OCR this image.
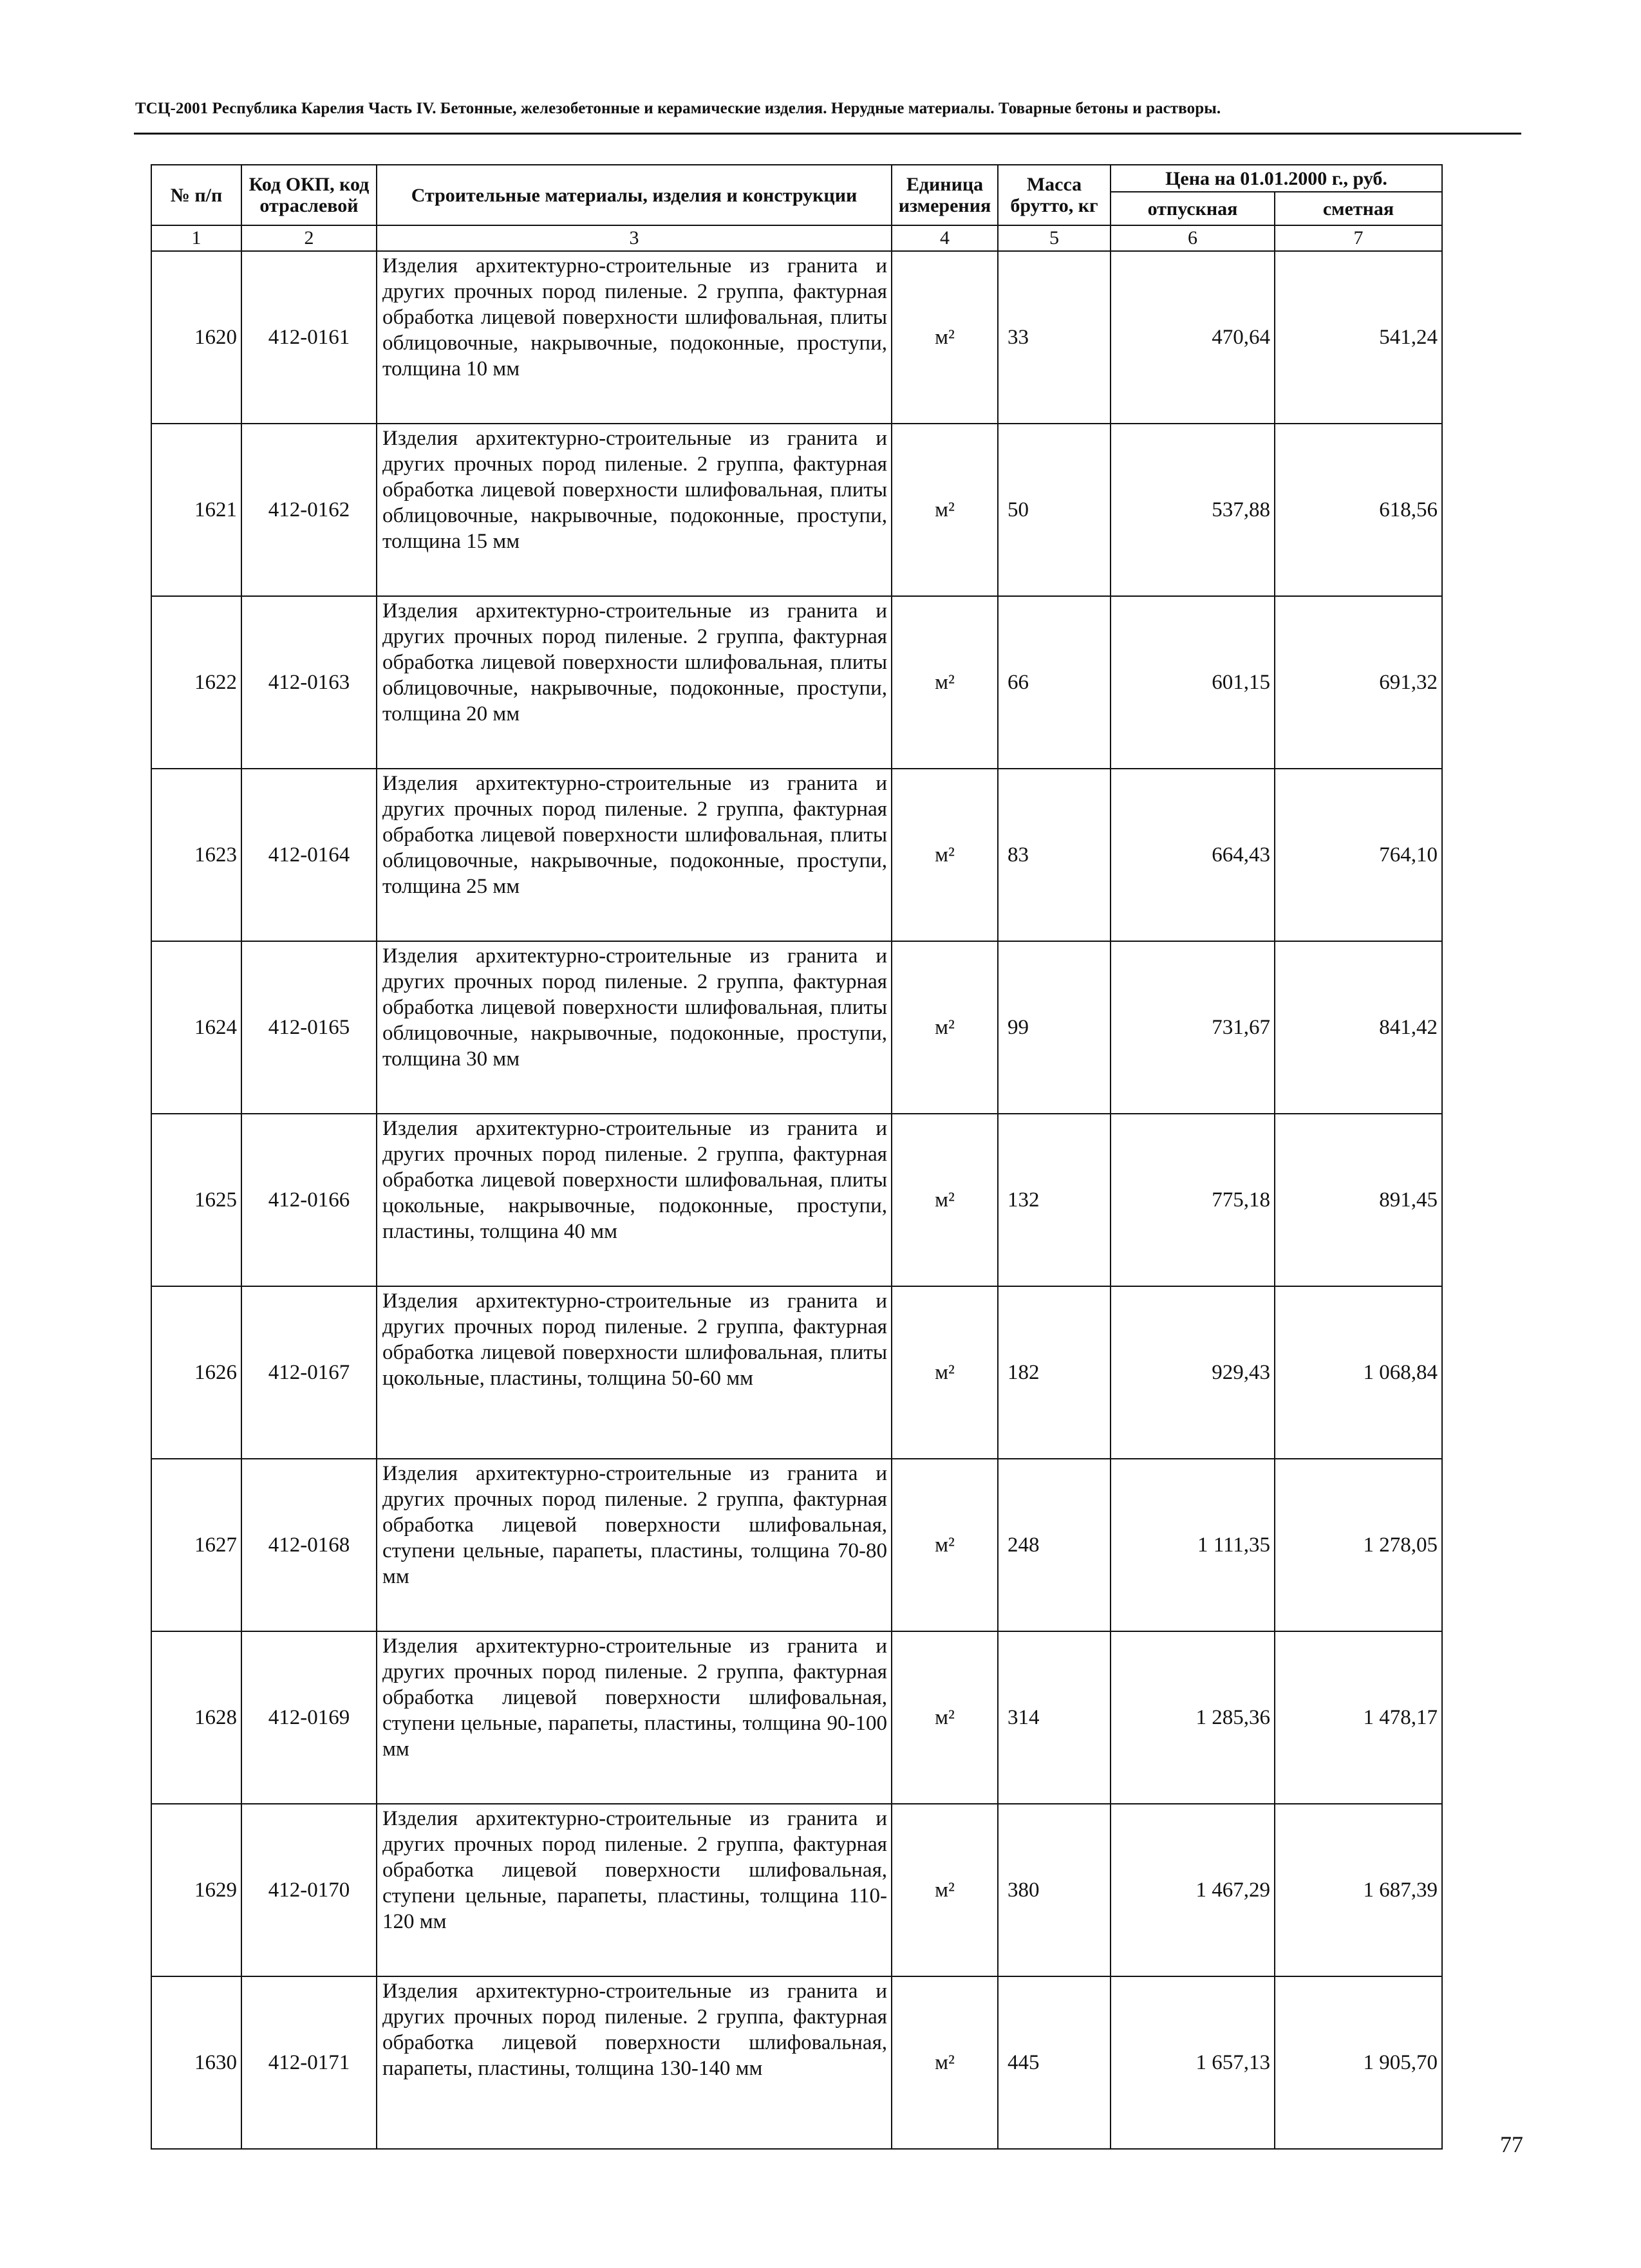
ТСЦ-2001 Республика Карелия Часть IV. Бетонные, железобетонные и керамические изделия. Нерудные материалы. Товарные бетоны и растворы.
№ п/п	Код ОКП, код отраслевой	Строительные материалы, изделия и конструкции	Единица измерения	Масса брутто, кг	Цена на 01.01.2000 г., руб.	
					отпускная	сметная
1	2	3	4	5	6	7
1620	412-0161	Изделия архитектурно-строительные из гранита и других прочных пород пиленые. 2 группа, фактурная обработка лицевой поверхности шлифовальная, плиты облицовочные, накрывочные, подоконные, проступи, толщина 10 мм	м²	33	470,64	541,24
1621	412-0162	Изделия архитектурно-строительные из гранита и других прочных пород пиленые. 2 группа, фактурная обработка лицевой поверхности шлифовальная, плиты облицовочные, накрывочные, подоконные, проступи, толщина 15 мм	м²	50	537,88	618,56
1622	412-0163	Изделия архитектурно-строительные из гранита и других прочных пород пиленые. 2 группа, фактурная обработка лицевой поверхности шлифовальная, плиты облицовочные, накрывочные, подоконные, проступи, толщина 20 мм	м²	66	601,15	691,32
1623	412-0164	Изделия архитектурно-строительные из гранита и других прочных пород пиленые. 2 группа, фактурная обработка лицевой поверхности шлифовальная, плиты облицовочные, накрывочные, подоконные, проступи, толщина 25 мм	м²	83	664,43	764,10
1624	412-0165	Изделия архитектурно-строительные из гранита и других прочных пород пиленые. 2 группа, фактурная обработка лицевой поверхности шлифовальная, плиты облицовочные, накрывочные, подоконные, проступи, толщина 30 мм	м²	99	731,67	841,42
1625	412-0166	Изделия архитектурно-строительные из гранита и других прочных пород пиленые. 2 группа, фактурная обработка лицевой поверхности шлифовальная, плиты цокольные, накрывочные, подоконные, проступи, пластины, толщина 40 мм	м²	132	775,18	891,45
1626	412-0167	Изделия архитектурно-строительные из гранита и других прочных пород пиленые. 2 группа, фактурная обработка лицевой поверхности шлифовальная, плиты цокольные, пластины, толщина 50-60 мм	м²	182	929,43	1 068,84
1627	412-0168	Изделия архитектурно-строительные из гранита и других прочных пород пиленые. 2 группа, фактурная обработка лицевой поверхности шлифовальная, ступени цельные, парапеты, пластины, толщина 70-80 мм	м²	248	1 111,35	1 278,05
1628	412-0169	Изделия архитектурно-строительные из гранита и других прочных пород пиленые. 2 группа, фактурная обработка лицевой поверхности шлифовальная, ступени цельные, парапеты, пластины, толщина 90-100 мм	м²	314	1 285,36	1 478,17
1629	412-0170	Изделия архитектурно-строительные из гранита и других прочных пород пиленые. 2 группа, фактурная обработка лицевой поверхности шлифовальная, ступени цельные, парапеты, пластины, толщина 110-120 мм	м²	380	1 467,29	1 687,39
1630	412-0171	Изделия архитектурно-строительные из гранита и других прочных пород пиленые. 2 группа, фактурная обработка лицевой поверхности шлифовальная, парапеты, пластины, толщина 130-140 мм	м²	445	1 657,13	1 905,70
77
